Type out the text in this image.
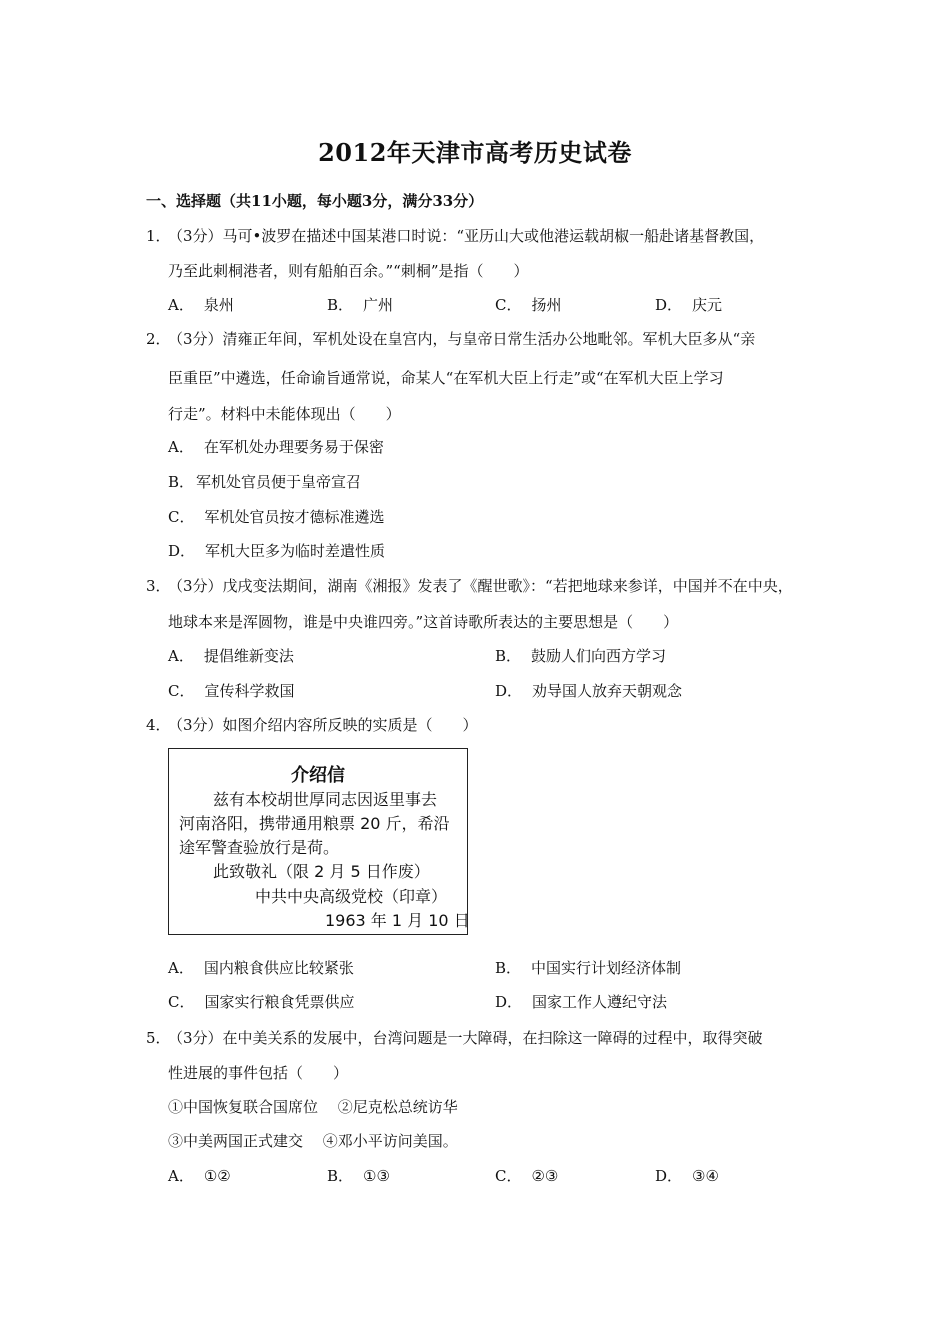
2012年天津市高考历史试卷
一、选择题（共11小题，每小题3分，满分33分）
1．
（3分）马可•波罗在描述中国某港口时说：“亚历山大或他港运载胡椒一船赴诸基督教国，
乃至此刺桐港者，则有船舶百余。”“刺桐”是指（　　）
A． 泉州	B． 广州	C． 扬州	D． 庆元
2．
（3分）清雍正年间，军机处设在皇宫内，与皇帝日常生活办公地毗邻。军机大臣多从“亲
臣重臣”中遴选，任命谕旨通常说，命某人“在军机大臣上行走”或“在军机大臣上学习
行走”。材料中未能体现出（　　）
A． 在军机处办理要务易于保密
B． 军机处官员便于皇帝宣召
C． 军机处官员按才德标准遴选
D． 军机大臣多为临时差遣性质
3．
（3分）戊戌变法期间，湖南《湘报》发表了《醒世歌》：“若把地球来参详，中国并不在中央，
地球本来是浑圆物，谁是中央谁四旁。”这首诗歌所表达的主要思想是（　　）
A． 提倡维新变法	B． 鼓励人们向西方学习
C． 宣传科学救国	D． 劝导国人放弃天朝观念
4．
（3分）如图介绍内容所反映的实质是（　　）
介绍信
兹有本校胡世厚同志因返里事去
河南洛阳，携带通用粮票 20 斤，希沿
途军警查验放行是荷。
此致敬礼（限 2 月 5 日作废）
中共中央高级党校（印章）
1963 年 1 月 10 日
A． 国内粮食供应比较紧张	B． 中国实行计划经济体制
C． 国家实行粮食凭票供应	D． 国家工作人遵纪守法
5．
（3分）在中美关系的发展中，台湾问题是一大障碍，在扫除这一障碍的过程中，取得突破
性进展的事件包括（　　）
①中国恢复联合国席位　 ②尼克松总统访华
③中美两国正式建交　 ④邓小平访问美国。
A． ①②	B． ①③	C． ②③	D． ③④
